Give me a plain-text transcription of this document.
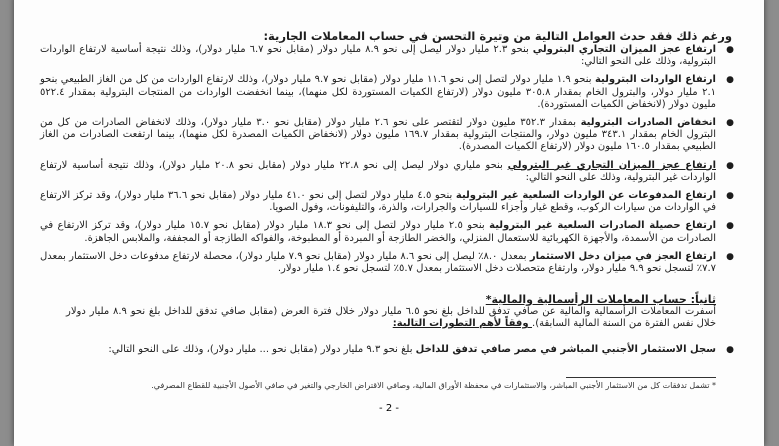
ورغم ذلك فقد حدث العوامل التالية من وتيرة التحسن في حساب المعاملات الجارية:
● ارتفاع عجز الميزان التجاري البترولي بنحو ٢.٣ مليار دولار ليصل إلى نحو ٨.٩ مليار دولار (مقابل نحو ٦.٧ مليار دولار)، وذلك نتيجة أساسية لارتفاع الواردات البترولية، وذلك على النحو التالي:
● ارتفاع الواردات البترولية بنحو ١.٩ مليار دولار لتصل إلى نحو ١١.٦ مليار دولار (مقابل نحو ٩.٧ مليار دولار)، وذلك لارتفاع الواردات من كل من الغاز الطبيعي بنحو ٢.١ مليار دولار، والبترول الخام بمقدار ٣٠٥.٨ مليون دولار (لارتفاع الكميات المستوردة لكل منهما)، بينما انخفضت الواردات من المنتجات البترولية بمقدار ٥٢٢.٤ مليون دولار (لانخفاض الكميات المستوردة).
● انخفاض الصادرات البترولية بمقدار ٣٥٢.٣ مليون دولار لتقتصر على نحو ٢.٦ مليار دولار (مقابل نحو ٣.٠ مليار دولار)، وذلك لانخفاض الصادرات من كل من البترول الخام بمقدار ٣٤٣.١ مليون دولار، والمنتجات البترولية بمقدار ١٦٩.٧ مليون دولار (لانخفاض الكميات المصدرة لكل منهما)، بينما ارتفعت الصادرات من الغاز الطبيعي بمقدار ١٦٠.٥ مليون دولار (لارتفاع الكميات المصدرة).
● ارتفاع عجز الميزان التجاري غير البترولي بنحو ملياري دولار ليصل إلى نحو ٢٢.٨ مليار دولار (مقابل نحو ٢٠.٨ مليار دولار)، وذلك نتيجة أساسية لارتفاع الواردات غير البترولية، وذلك على النحو التالي:
● ارتفاع المدفوعات عن الواردات السلعية غير البترولية بنحو ٤.٥ مليار دولار لتصل إلى نحو ٤١.٠ مليار دولار (مقابل نحو ٣٦.٦ مليار دولار)، وقد تركز الارتفاع في الواردات من سيارات الركوب، وقطع غيار وأجزاء للسيارات والجرارات، والذرة، والتليفونات، وفول الصويا.
● ارتفاع حصيلة الصادرات السلعية غير البترولية بنحو ٢.٥ مليار دولار لتصل إلى نحو ١٨.٣ مليار دولار (مقابل نحو ١٥.٧ مليار دولار)، وقد تركز الارتفاع في الصادرات من الأسمدة، والأجهزة الكهربائية للاستعمال المنزلي، والخضر الطازجة أو المبردة أو المطبوخة، والفواكه الطازجة أو المجففة، والملابس الجاهزة.
● ارتفاع العجز في ميزان دخل الاستثمار بمعدل ٨.٠٪ ليصل إلى نحو ٨.٦ مليار دولار (مقابل نحو ٧.٩ مليار دولار)، محصلة لارتفاع مدفوعات دخل الاستثمار بمعدل ٧.٧٪ لتسجل نحو ٩.٩ مليار دولار، وارتفاع متحصلات دخل الاستثمار بمعدل ٥.٧٪ لتسجل نحو ١.٤ مليار دولار.
ثانياً: حساب المعاملات الرأسمالية والمالية*
أسفرت المعاملات الرأسمالية والمالية عن صافي تدفق للداخل بلغ نحو ٦.٥ مليار دولار خلال فترة العرض (مقابل صافي تدفق للداخل بلغ نحو ٨.٩ مليار دولار خلال نفس الفترة من السنة المالية السابقة). وفقاً لأهم التطورات التالية:
● سجل الاستثمار الأجنبي المباشر في مصر صافي تدفق للداخل بلغ نحو ٩.٣ مليار دولار (مقابل نحو ... مليار دولار)، وذلك على النحو التالي:
* تشمل تدفقات كل من الاستثمار الأجنبي المباشر، والاستثمارات في محفظة الأوراق المالية، وصافي الاقتراض الخارجي والتغير في صافي الأصول الأجنبية للقطاع المصرفي.
- 2 -
